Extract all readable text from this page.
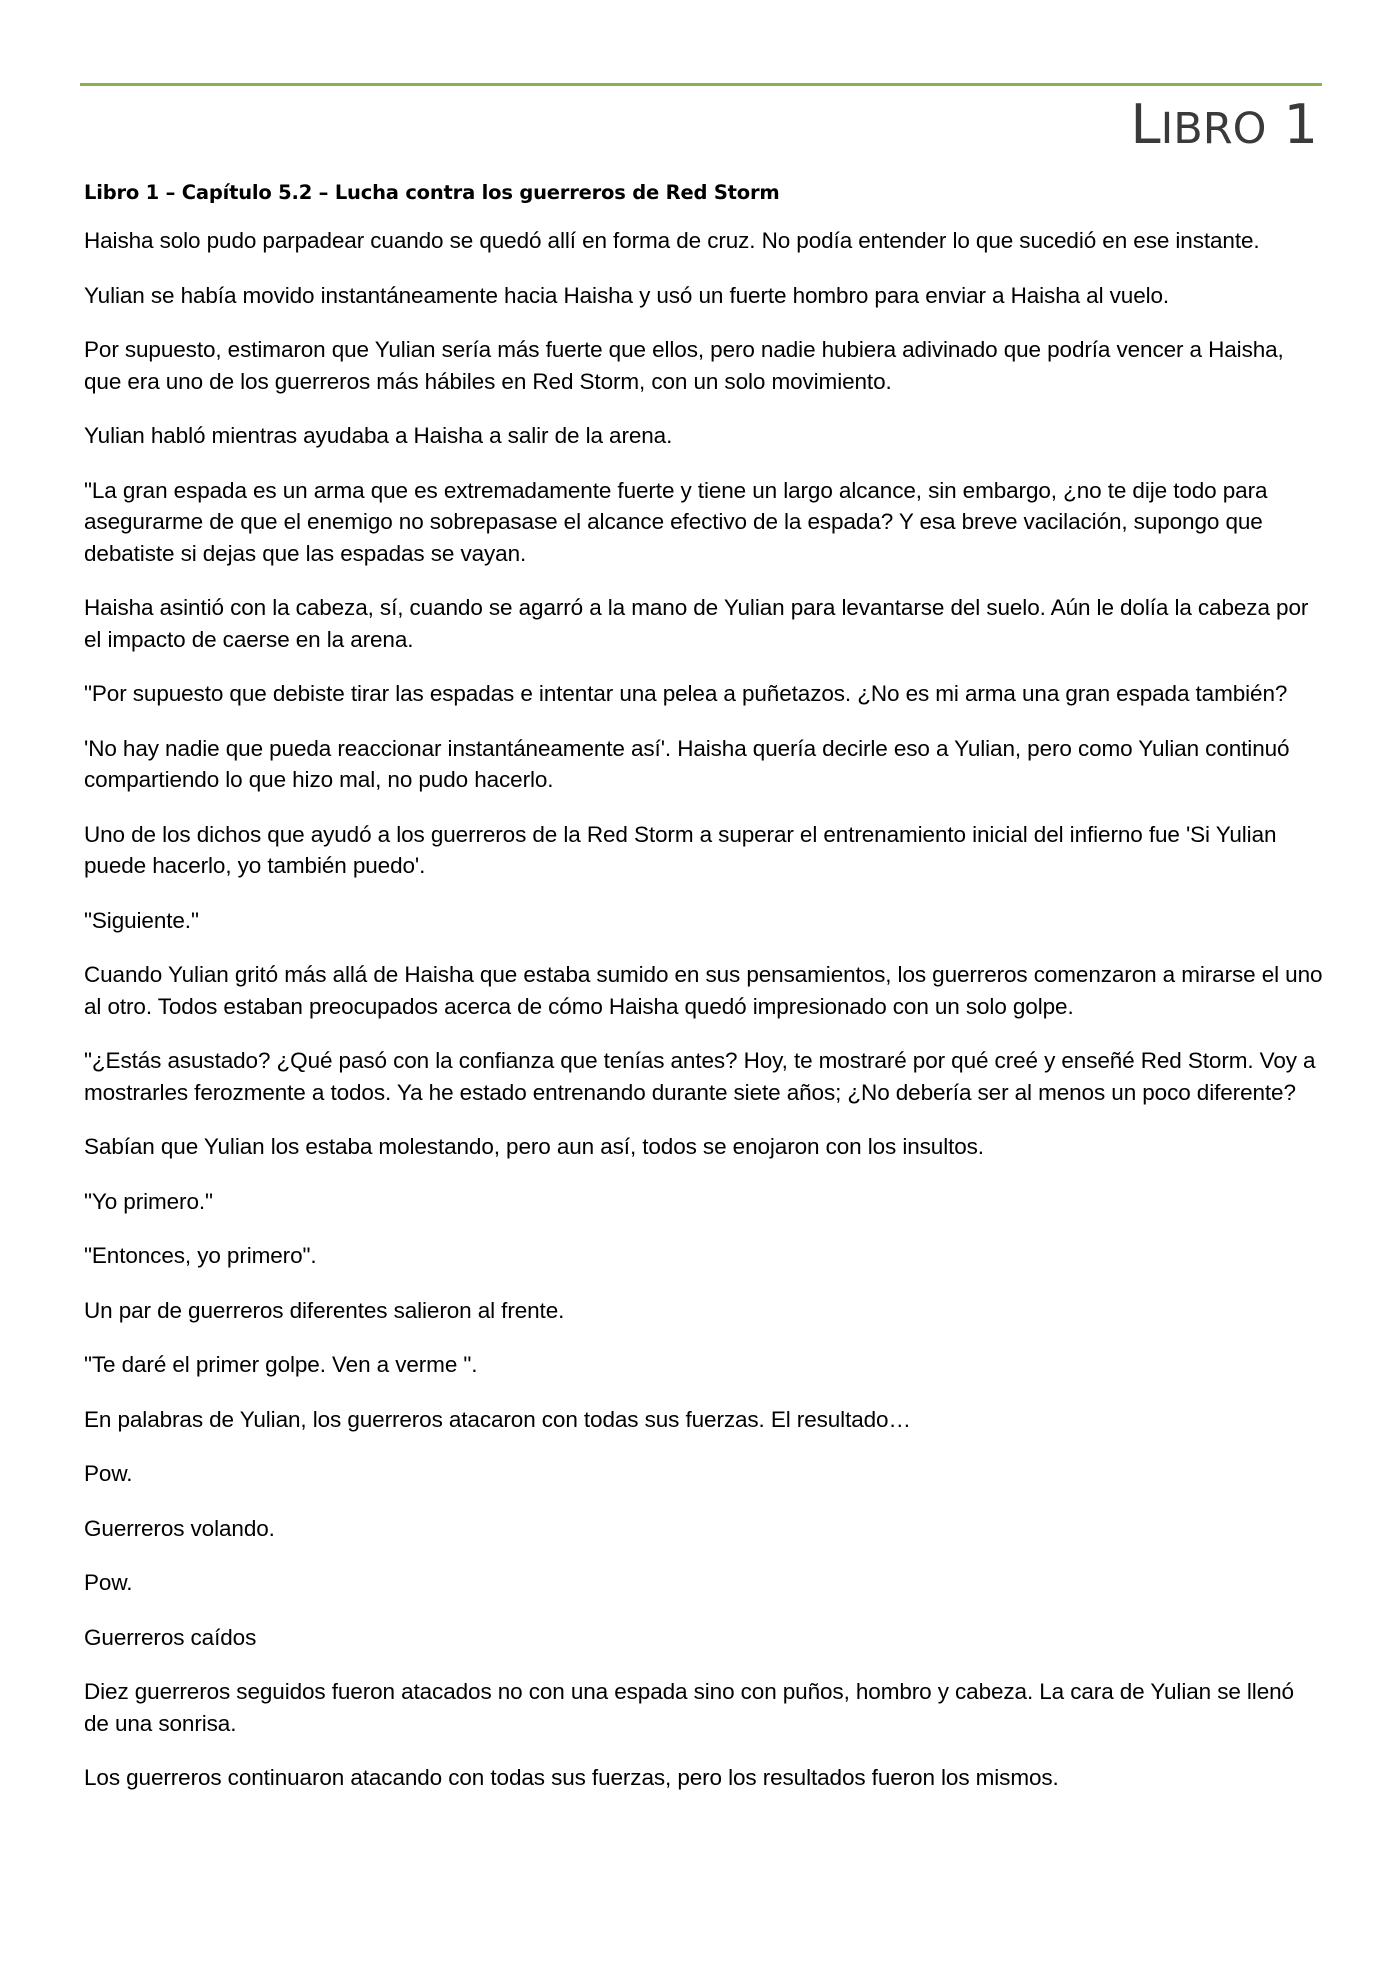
LIBRO 1
Libro 1 – Capítulo 5.2 – Lucha contra los guerreros de Red Storm

Haisha solo pudo parpadear cuando se quedó allí en forma de cruz. No podía entender lo que sucedió en ese instante.

Yulian se había movido instantáneamente hacia Haisha y usó un fuerte hombro para enviar a Haisha al vuelo.

Por supuesto, estimaron que Yulian sería más fuerte que ellos, pero nadie hubiera adivinado que podría vencer a Haisha, que era uno de los guerreros más hábiles en Red Storm, con un solo movimiento.

Yulian habló mientras ayudaba a Haisha a salir de la arena.

"La gran espada es un arma que es extremadamente fuerte y tiene un largo alcance, sin embargo, ¿no te dije todo para asegurarme de que el enemigo no sobrepasase el alcance efectivo de la espada? Y esa breve vacilación, supongo que debatiste si dejas que las espadas se vayan.

Haisha asintió con la cabeza, sí, cuando se agarró a la mano de Yulian para levantarse del suelo. Aún le dolía la cabeza por el impacto de caerse en la arena.

"Por supuesto que debiste tirar las espadas e intentar una pelea a puñetazos. ¿No es mi arma una gran espada también?

'No hay nadie que pueda reaccionar instantáneamente así'. Haisha quería decirle eso a Yulian, pero como Yulian continuó compartiendo lo que hizo mal, no pudo hacerlo.

Uno de los dichos que ayudó a los guerreros de la Red Storm a superar el entrenamiento inicial del infierno fue 'Si Yulian puede hacerlo, yo también puedo'.

"Siguiente."

Cuando Yulian gritó más allá de Haisha que estaba sumido en sus pensamientos, los guerreros comenzaron a mirarse el uno al otro. Todos estaban preocupados acerca de cómo Haisha quedó impresionado con un solo golpe.

"¿Estás asustado? ¿Qué pasó con la confianza que tenías antes? Hoy, te mostraré por qué creé y enseñé Red Storm. Voy a mostrarles ferozmente a todos. Ya he estado entrenando durante siete años; ¿No debería ser al menos un poco diferente?

Sabían que Yulian los estaba molestando, pero aun así, todos se enojaron con los insultos.

"Yo primero."

"Entonces, yo primero".

Un par de guerreros diferentes salieron al frente.

"Te daré el primer golpe. Ven a verme ".

En palabras de Yulian, los guerreros atacaron con todas sus fuerzas. El resultado…

Pow.

Guerreros volando.

Pow.

Guerreros caídos

Diez guerreros seguidos fueron atacados no con una espada sino con puños, hombro y cabeza. La cara de Yulian se llenó de una sonrisa.

Los guerreros continuaron atacando con todas sus fuerzas, pero los resultados fueron los mismos.
